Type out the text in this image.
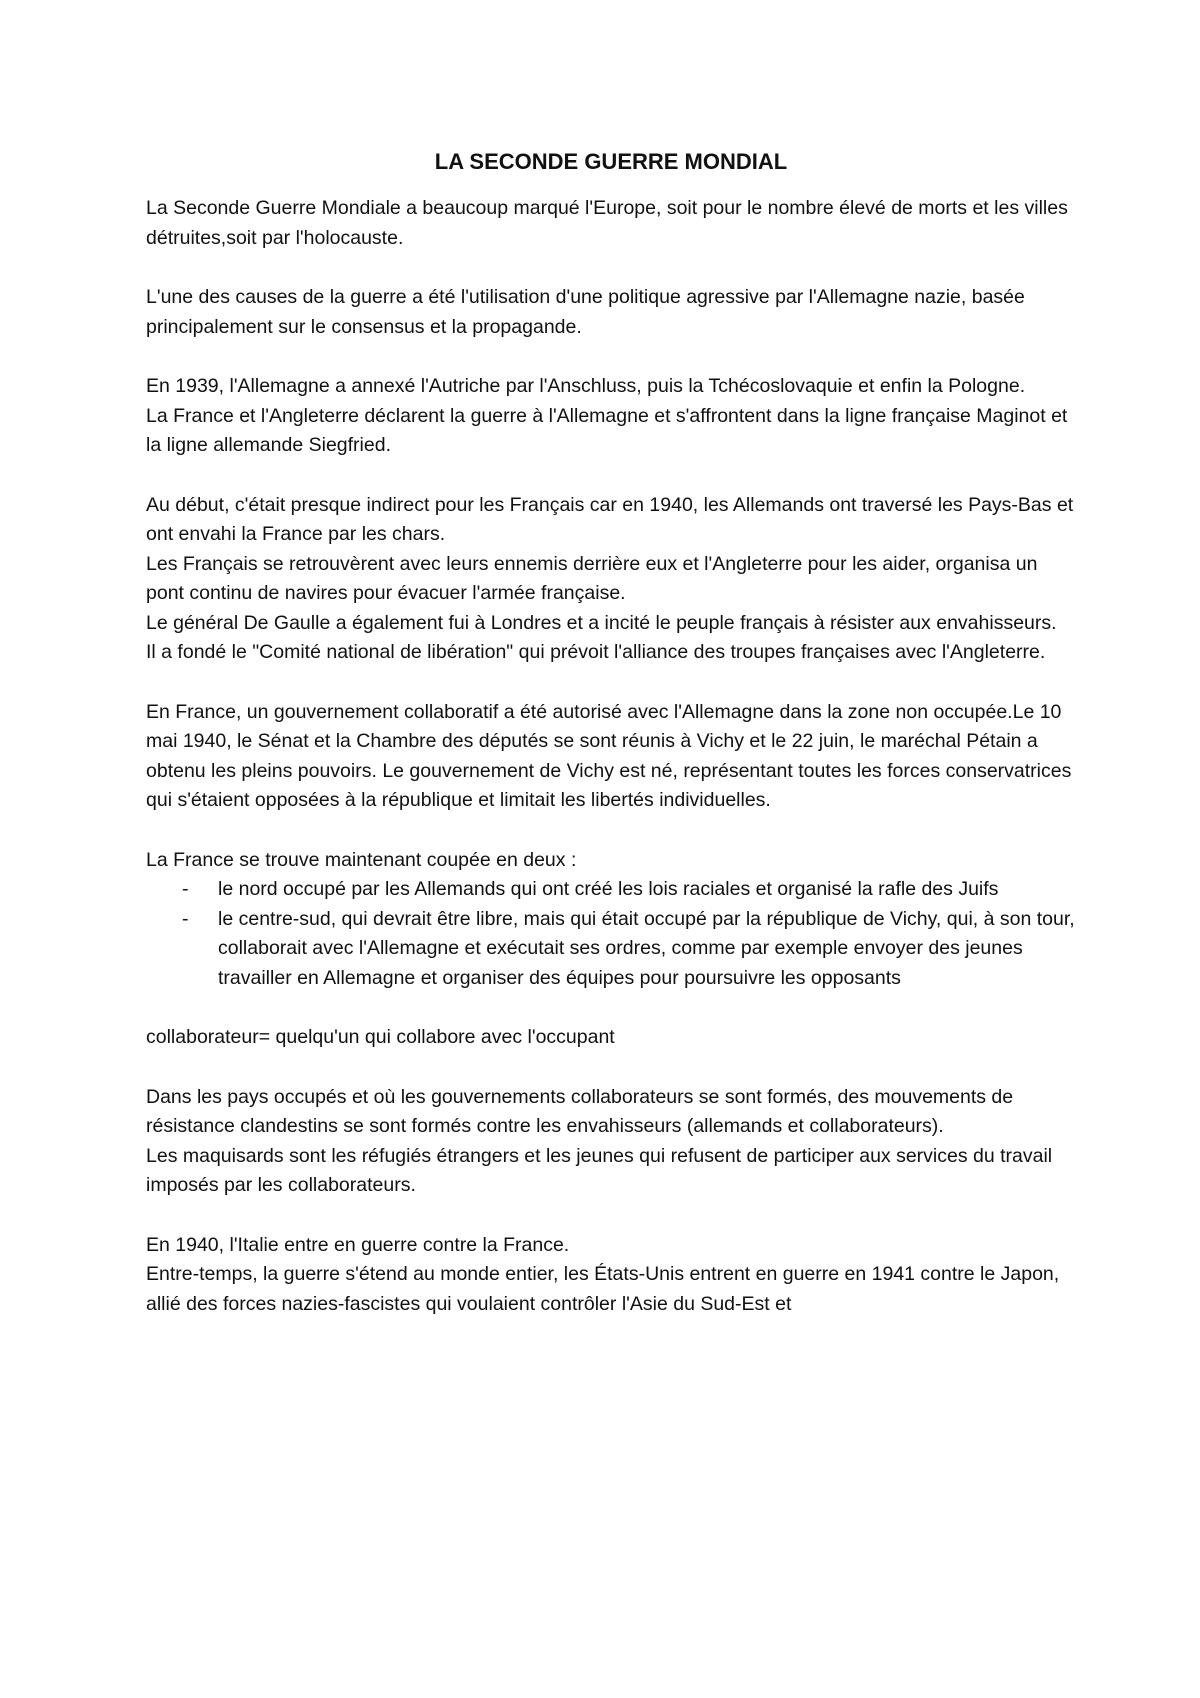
LA SECONDE GUERRE MONDIAL

La Seconde Guerre Mondiale a beaucoup marqué l'Europe, soit pour le nombre élevé de morts et les villes détruites,soit par l'holocauste.

L'une des causes de la guerre a été l'utilisation d'une politique agressive par l'Allemagne nazie, basée principalement sur le consensus et la propagande.

En 1939, l'Allemagne a annexé l'Autriche par l'Anschluss, puis la Tchécoslovaquie et enfin la Pologne.
La France et l'Angleterre déclarent la guerre à l'Allemagne et s'affrontent dans la ligne française Maginot et la ligne allemande Siegfried.

Au début, c'était presque indirect pour les Français car en 1940, les Allemands ont traversé les Pays-Bas et ont envahi la France par les chars.
Les Français se retrouvèrent avec leurs ennemis derrière eux et l'Angleterre pour les aider, organisa un pont continu de navires pour évacuer l'armée française.
Le général De Gaulle a également fui à Londres et a incité le peuple français à résister aux envahisseurs.
Il a fondé le "Comité national de libération" qui prévoit l'alliance des troupes françaises avec l'Angleterre.

En France, un gouvernement collaboratif a été autorisé avec l'Allemagne dans la zone non occupée.Le 10 mai 1940, le Sénat et la Chambre des députés se sont réunis à Vichy et le 22 juin, le maréchal Pétain a obtenu les pleins pouvoirs. Le gouvernement de Vichy est né, représentant toutes les forces conservatrices qui s'étaient opposées à la république et limitait les libertés individuelles.

La France se trouve maintenant coupée en deux :
- le nord occupé par les Allemands qui ont créé les lois raciales et organisé la rafle des Juifs
- le centre-sud, qui devrait être libre, mais qui était occupé par la république de Vichy, qui, à son tour, collaborait avec l'Allemagne et exécutait ses ordres, comme par exemple envoyer des jeunes travailler en Allemagne et organiser des équipes pour poursuivre les opposants

collaborateur= quelqu'un qui collabore avec l'occupant

Dans les pays occupés et où les gouvernements collaborateurs se sont formés, des mouvements de résistance clandestins se sont formés contre les envahisseurs (allemands et collaborateurs).
Les maquisards sont les réfugiés étrangers et les jeunes qui refusent de participer aux services du travail imposés par les collaborateurs.

En 1940, l'Italie entre en guerre contre la France.
Entre-temps, la guerre s'étend au monde entier, les États-Unis entrent en guerre en 1941 contre le Japon, allié des forces nazies-fascistes qui voulaient contrôler l'Asie du Sud-Est et
